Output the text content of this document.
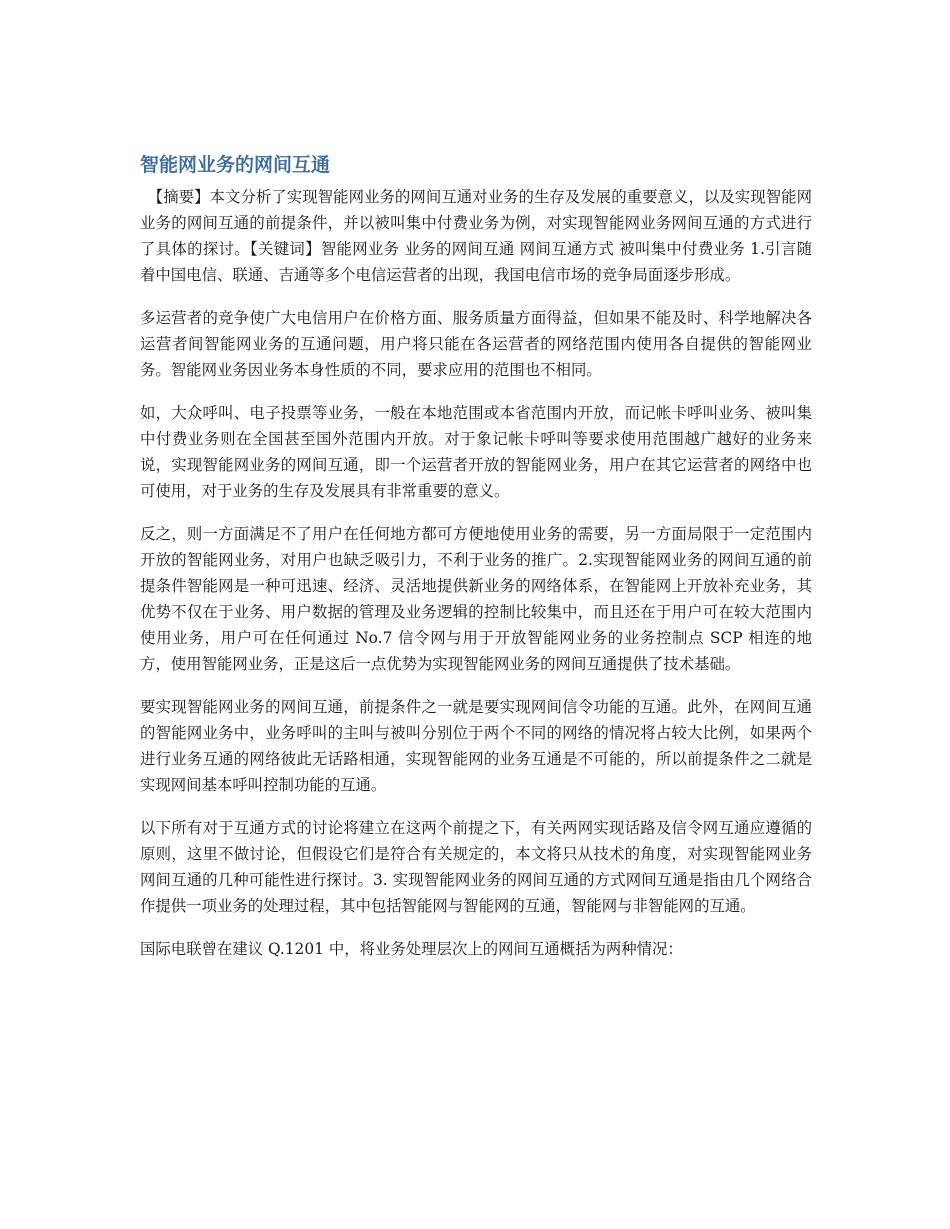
智能网业务的网间互通

　【摘要】本文分析了实现智能网业务的网间互通对业务的生存及发展的重要意义，以及实现智能网业务的网间互通的前提条件，并以被叫集中付费业务为例，对实现智能网业务网间互通的方式进行了具体的探讨。【关键词】智能网业务 业务的网间互通 网间互通方式 被叫集中付费业务 1.引言随着中国电信、联通、吉通等多个电信运营者的出现，我国电信市场的竞争局面逐步形成。

多运营者的竞争使广大电信用户在价格方面、服务质量方面得益，但如果不能及时、科学地解决各运营者间智能网业务的互通问题，用户将只能在各运营者的网络范围内使用各自提供的智能网业务。智能网业务因业务本身性质的不同，要求应用的范围也不相同。

如，大众呼叫、电子投票等业务，一般在本地范围或本省范围内开放，而记帐卡呼叫业务、被叫集中付费业务则在全国甚至国外范围内开放。对于象记帐卡呼叫等要求使用范围越广越好的业务来说，实现智能网业务的网间互通，即一个运营者开放的智能网业务，用户在其它运营者的网络中也可使用，对于业务的生存及发展具有非常重要的意义。

反之，则一方面满足不了用户在任何地方都可方便地使用业务的需要，另一方面局限于一定范围内开放的智能网业务，对用户也缺乏吸引力，不利于业务的推广。2.实现智能网业务的网间互通的前提条件智能网是一种可迅速、经济、灵活地提供新业务的网络体系，在智能网上开放补充业务，其优势不仅在于业务、用户数据的管理及业务逻辑的控制比较集中，而且还在于用户可在较大范围内使用业务，用户可在任何通过 No.7 信令网与用于开放智能网业务的业务控制点 SCP 相连的地方，使用智能网业务，正是这后一点优势为实现智能网业务的网间互通提供了技术基础。

要实现智能网业务的网间互通，前提条件之一就是要实现网间信令功能的互通。此外，在网间互通的智能网业务中，业务呼叫的主叫与被叫分别位于两个不同的网络的情况将占较大比例，如果两个进行业务互通的网络彼此无话路相通，实现智能网的业务互通是不可能的，所以前提条件之二就是实现网间基本呼叫控制功能的互通。

以下所有对于互通方式的讨论将建立在这两个前提之下，有关两网实现话路及信令网互通应遵循的原则，这里不做讨论，但假设它们是符合有关规定的，本文将只从技术的角度，对实现智能网业务网间互通的几种可能性进行探讨。3. 实现智能网业务的网间互通的方式网间互通是指由几个网络合作提供一项业务的处理过程，其中包括智能网与智能网的互通，智能网与非智能网的互通。

国际电联曾在建议 Q.1201 中，将业务处理层次上的网间互通概括为两种情况：
